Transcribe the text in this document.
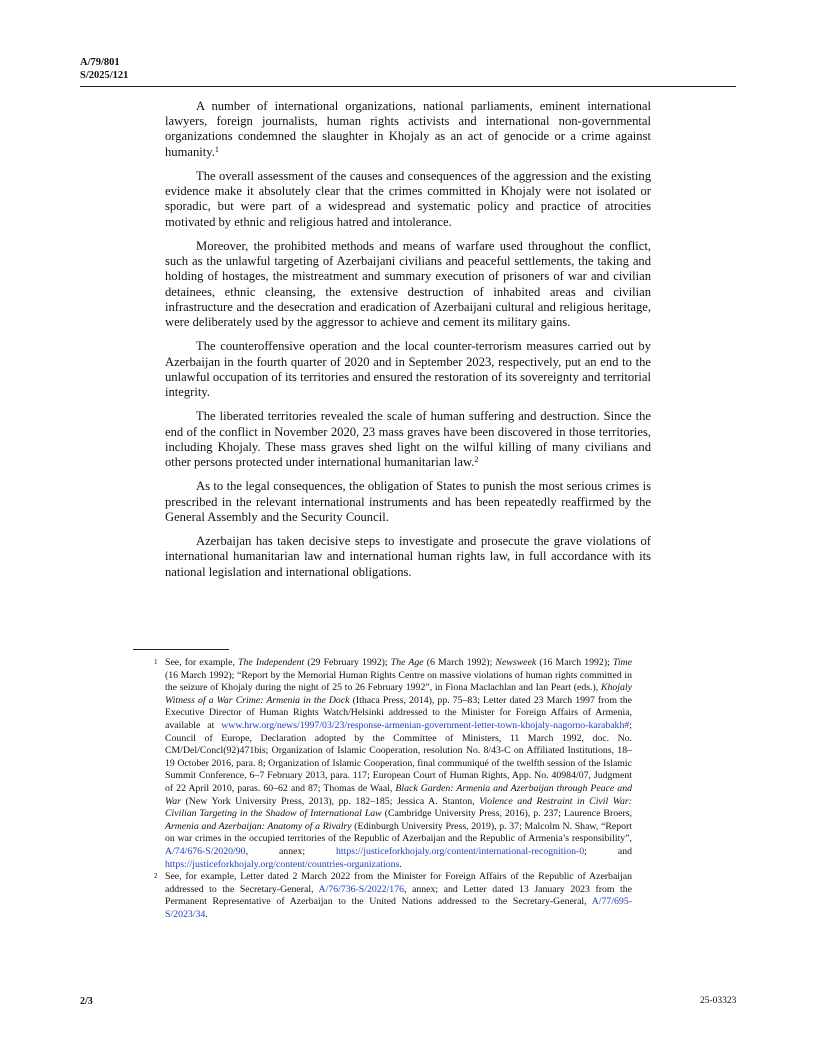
A/79/801
S/2025/121

A number of international organizations, national parliaments, eminent international lawyers, foreign journalists, human rights activists and international non-governmental organizations condemned the slaughter in Khojaly as an act of genocide or a crime against humanity.$^1$

The overall assessment of the causes and consequences of the aggression and the existing evidence make it absolutely clear that the crimes committed in Khojaly were not isolated or sporadic, but were part of a widespread and systematic policy and practice of atrocities motivated by ethnic and religious hatred and intolerance.

Moreover, the prohibited methods and means of warfare used throughout the conflict, such as the unlawful targeting of Azerbaijani civilians and peaceful settlements, the taking and holding of hostages, the mistreatment and summary execution of prisoners of war and civilian detainees, ethnic cleansing, the extensive destruction of inhabited areas and civilian infrastructure and the desecration and eradication of Azerbaijani cultural and religious heritage, were deliberately used by the aggressor to achieve and cement its military gains.

The counteroffensive operation and the local counter-terrorism measures carried out by Azerbaijan in the fourth quarter of 2020 and in September 2023, respectively, put an end to the unlawful occupation of its territories and ensured the restoration of its sovereignty and territorial integrity.

The liberated territories revealed the scale of human suffering and destruction. Since the end of the conflict in November 2020, 23 mass graves have been discovered in those territories, including Khojaly. These mass graves shed light on the wilful killing of many civilians and other persons protected under international humanitarian law.$^2$

As to the legal consequences, the obligation of States to punish the most serious crimes is prescribed in the relevant international instruments and has been repeatedly reaffirmed by the General Assembly and the Security Council.

Azerbaijan has taken decisive steps to investigate and prosecute the grave violations of international humanitarian law and international human rights law, in full accordance with its national legislation and international obligations.

1 See, for example, The Independent (29 February 1992); The Age (6 March 1992); Newsweek (16 March 1992); Time (16 March 1992); “Report by the Memorial Human Rights Centre on massive violations of human rights committed in the seizure of Khojaly during the night of 25 to 26 February 1992”, in Fiona Maclachlan and Ian Peart (eds.), Khojaly Witness of a War Crime: Armenia in the Dock (Ithaca Press, 2014), pp. 75–83; Letter dated 23 March 1997 from the Executive Director of Human Rights Watch/Helsinki addressed to the Minister for Foreign Affairs of Armenia, available at www.hrw.org/news/1997/03/23/response-armenian-government-letter-town-khojaly-nagorno-karabakh#; Council of Europe, Declaration adopted by the Committee of Ministers, 11 March 1992, doc. No. CM/Del/Concl(92)471bis; Organization of Islamic Cooperation, resolution No. 8/43-C on Affiliated Institutions, 18–19 October 2016, para. 8; Organization of Islamic Cooperation, final communiqué of the twelfth session of the Islamic Summit Conference, 6–7 February 2013, para. 117; European Court of Human Rights, App. No. 40984/07, Judgment of 22 April 2010, paras. 60–62 and 87; Thomas de Waal, Black Garden: Armenia and Azerbaijan through Peace and War (New York University Press, 2013), pp. 182–185; Jessica A. Stanton, Violence and Restraint in Civil War: Civilian Targeting in the Shadow of International Law (Cambridge University Press, 2016), p. 237; Laurence Broers, Armenia and Azerbaijan: Anatomy of a Rivalry (Edinburgh University Press, 2019), p. 37; Malcolm N. Shaw, “Report on war crimes in the occupied territories of the Republic of Azerbaijan and the Republic of Armenia’s responsibility”, A/74/676-S/2020/90, annex; https://justiceforkhojaly.org/content/international-recognition-0; and https://justiceforkhojaly.org/content/countries-organizations.

2 See, for example, Letter dated 2 March 2022 from the Minister for Foreign Affairs of the Republic of Azerbaijan addressed to the Secretary-General, A/76/736-S/2022/176, annex; and Letter dated 13 January 2023 from the Permanent Representative of Azerbaijan to the United Nations addressed to the Secretary-General, A/77/695-S/2023/34.

2/3	25-03323
